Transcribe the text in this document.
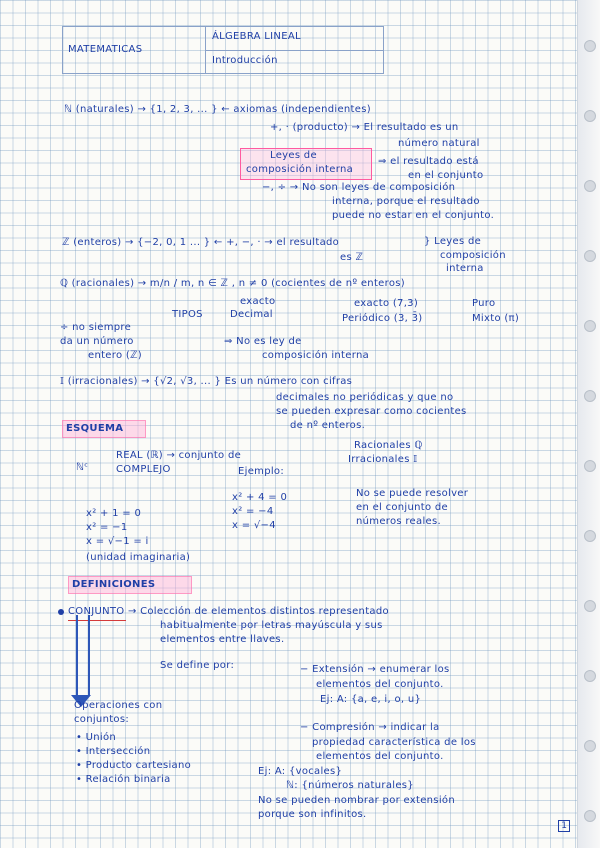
MATEMATICAS
ÁLGEBRA LINEAL
Introducción
ℕ (naturales) → {1, 2, 3, ... } ← axiomas (independientes)
+, · (producto) → El resultado es un
número natural
Leyes de
composición interna
⇒ el resultado está
en el conjunto
−, ÷ → No son leyes de composición
interna, porque el resultado
puede no estar en el conjunto.
ℤ (enteros) → {−2, 0, 1 ... } ← +, −, · → el resultado
es ℤ
} Leyes de
composición
interna
ℚ (racionales) → m/n / m, n ∈ ℤ , n ≠ 0 (cocientes de nº enteros)
exacto	exacto (7,3)
TIPOS	Decimal
Puro
Periódico (3, 3̄)	Mixto (π)
÷ no siempre
da un número
entero (ℤ)
⇒ No es ley de
composición interna
𝕀 (irracionales) → {√2, √3, ... } Es un número con cifras
decimales no periódicas y que no
se pueden expresar como cocientes
de nº enteros.
ESQUEMA
Racionales ℚ
REAL (ℝ) → conjunto de	Irracionales 𝕀
ℕᶜ	COMPLEJO	Ejemplo:
x² + 4 = 0
x² = −4
x = √−4
No se puede resolver
en el conjunto de
números reales.
x² + 1 = 0
x² = −1
x = √−1 = i
(unidad imaginaria)
DEFINICIONES
CONJUNTO → Colección de elementos distintos representado
habitualmente por letras mayúscula y sus
elementos entre llaves.
Se define por:	− Extensión → enumerar los
elementos del conjunto.
Ej: A: {a, e, i, o, u}
− Compresión → indicar la
propiedad característica de los
elementos del conjunto.
Ej: A: {vocales}
ℕ: {números naturales}
No se pueden nombrar por extensión
porque son infinitos.
Operaciones con
conjuntos:
• Unión
• Intersección
• Producto cartesiano
• Relación binaria
1
